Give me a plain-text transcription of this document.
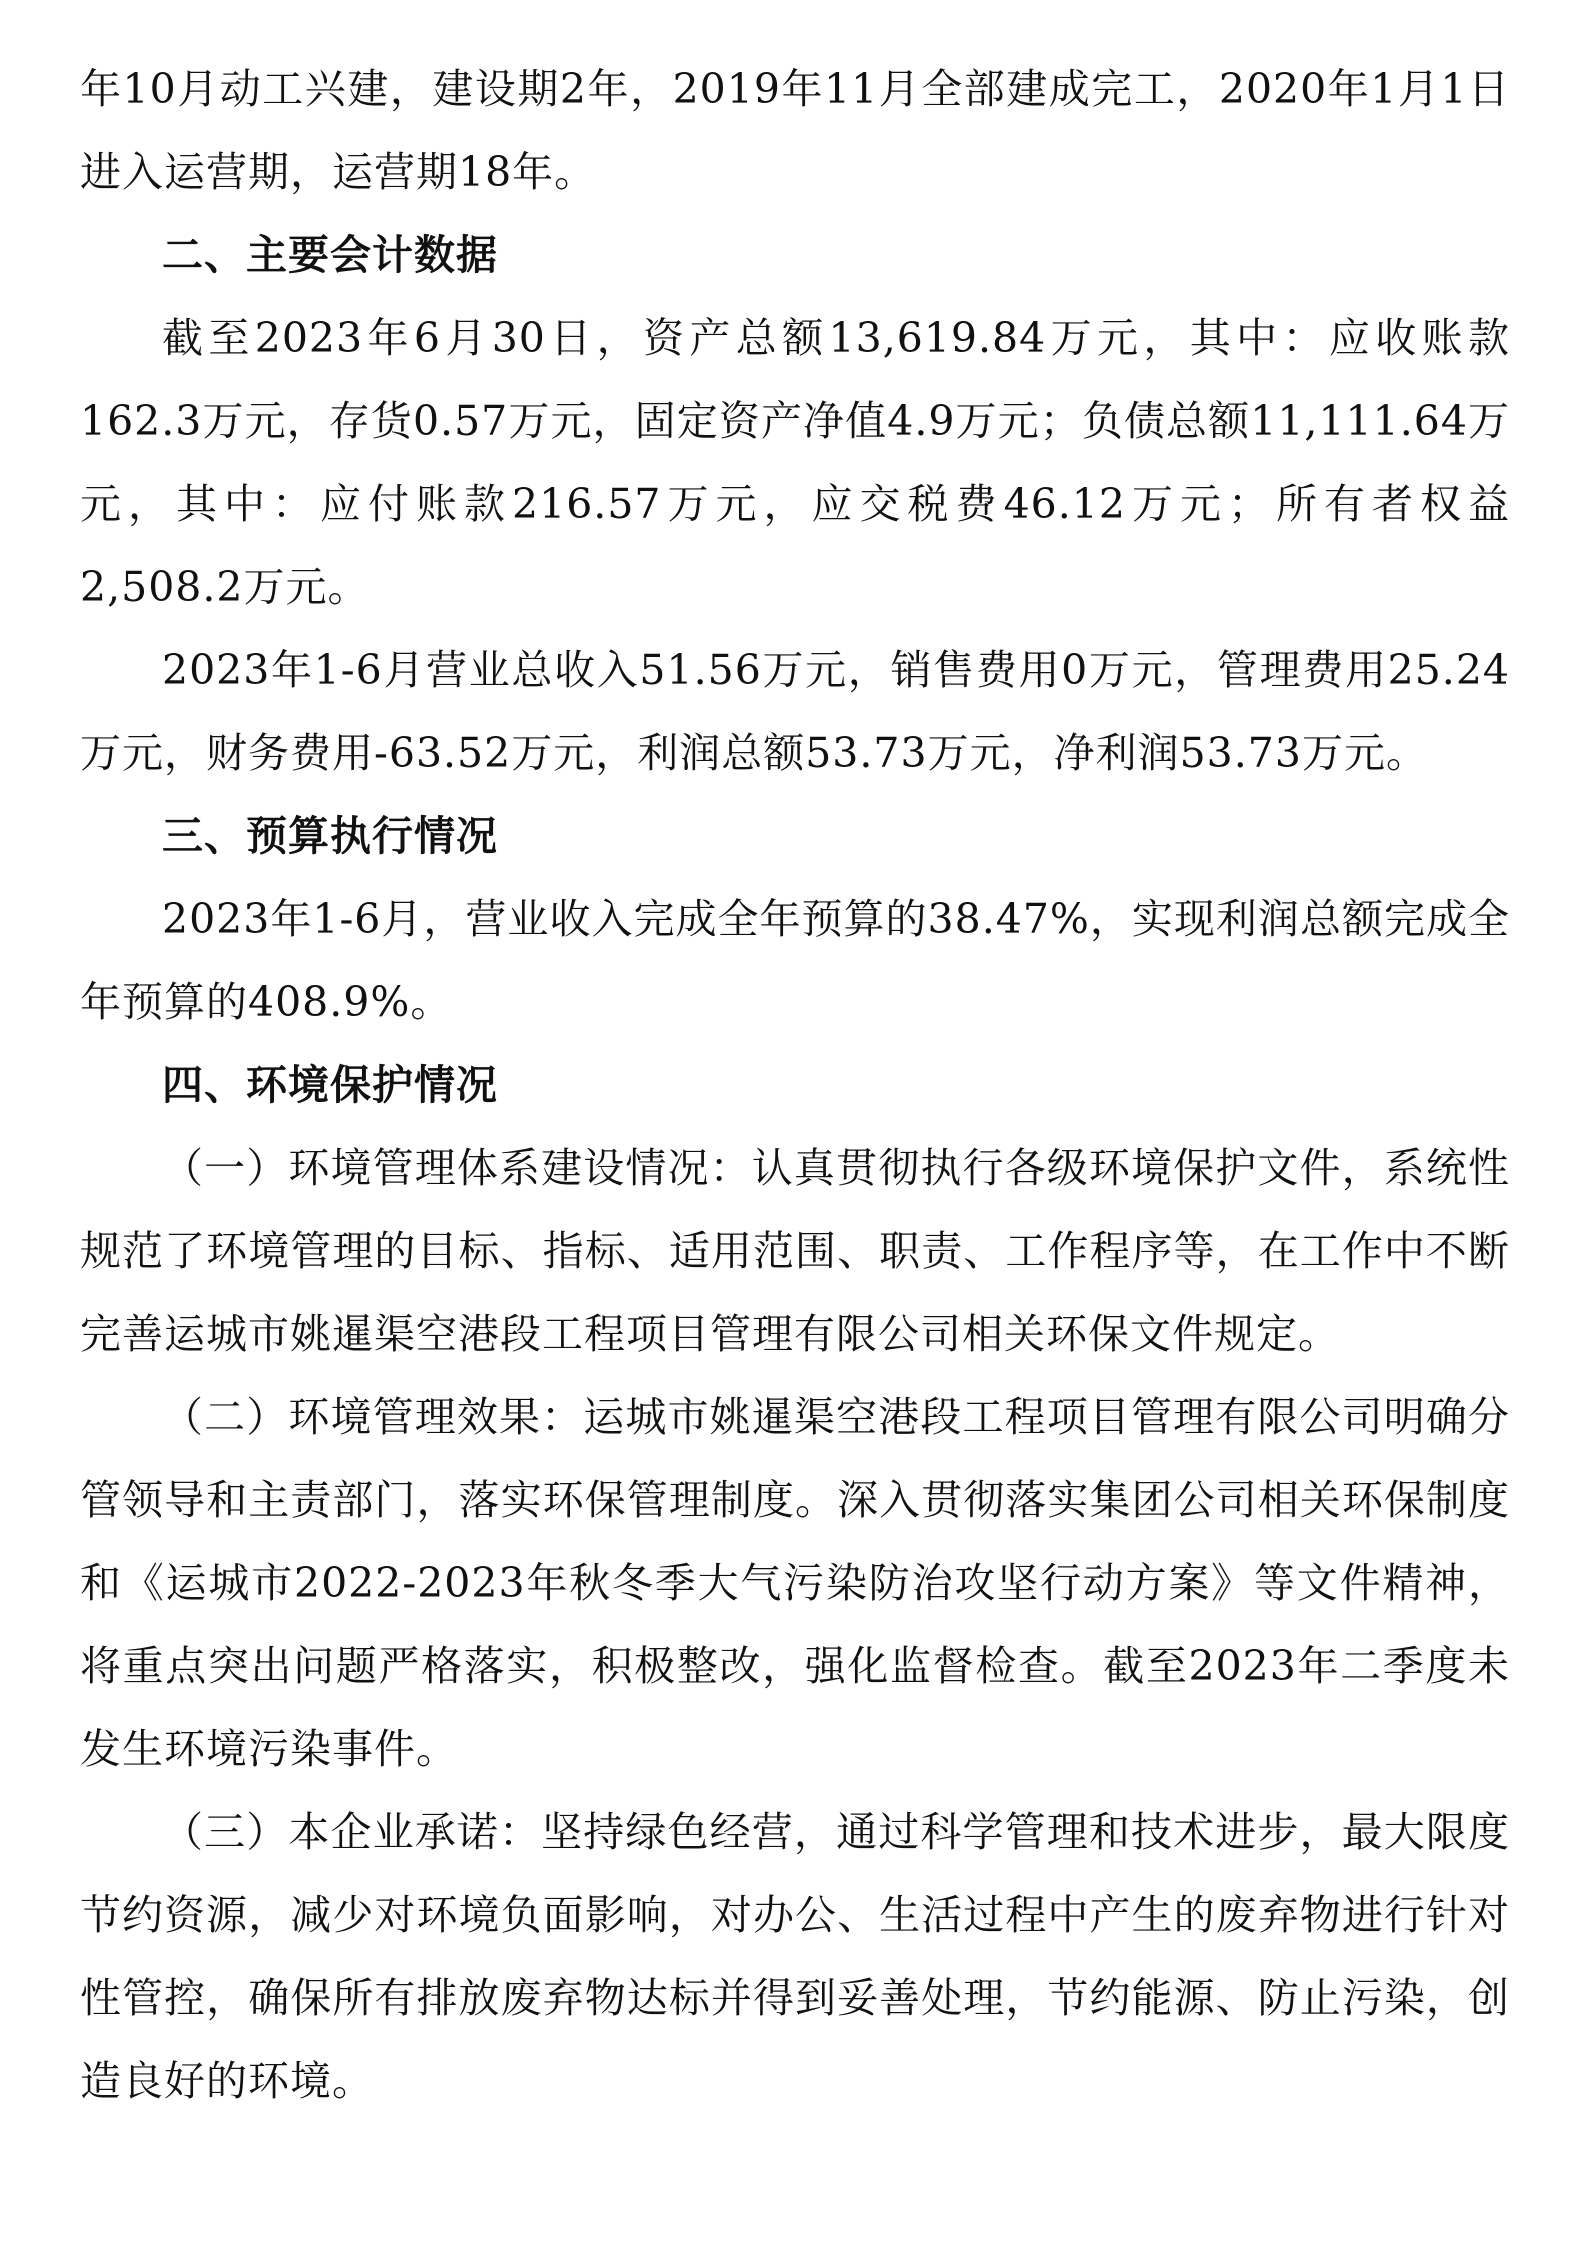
年10月动工兴建，建设期2年，2019年11月全部建成完工，2020年1月1日进入运营期，运营期18年。

二、主要会计数据

截至2023年6月30日，资产总额13,619.84万元，其中：应收账款162.3万元，存货0.57万元，固定资产净值4.9万元；负债总额11,111.64万元，其中：应付账款216.57万元，应交税费46.12万元；所有者权益2,508.2万元。

2023年1-6月营业总收入51.56万元，销售费用0万元，管理费用25.24万元，财务费用-63.52万元，利润总额53.73万元，净利润53.73万元。

三、预算执行情况

2023年1-6月，营业收入完成全年预算的38.47%，实现利润总额完成全年预算的408.9%。

四、环境保护情况

（一）环境管理体系建设情况：认真贯彻执行各级环境保护文件，系统性规范了环境管理的目标、指标、适用范围、职责、工作程序等，在工作中不断完善运城市姚暹渠空港段工程项目管理有限公司相关环保文件规定。

（二）环境管理效果：运城市姚暹渠空港段工程项目管理有限公司明确分管领导和主责部门，落实环保管理制度。深入贯彻落实集团公司相关环保制度和《运城市2022-2023年秋冬季大气污染防治攻坚行动方案》等文件精神，将重点突出问题严格落实，积极整改，强化监督检查。截至2023年二季度未发生环境污染事件。

（三）本企业承诺：坚持绿色经营，通过科学管理和技术进步，最大限度节约资源，减少对环境负面影响，对办公、生活过程中产生的废弃物进行针对性管控，确保所有排放废弃物达标并得到妥善处理，节约能源、防止污染，创造良好的环境。
